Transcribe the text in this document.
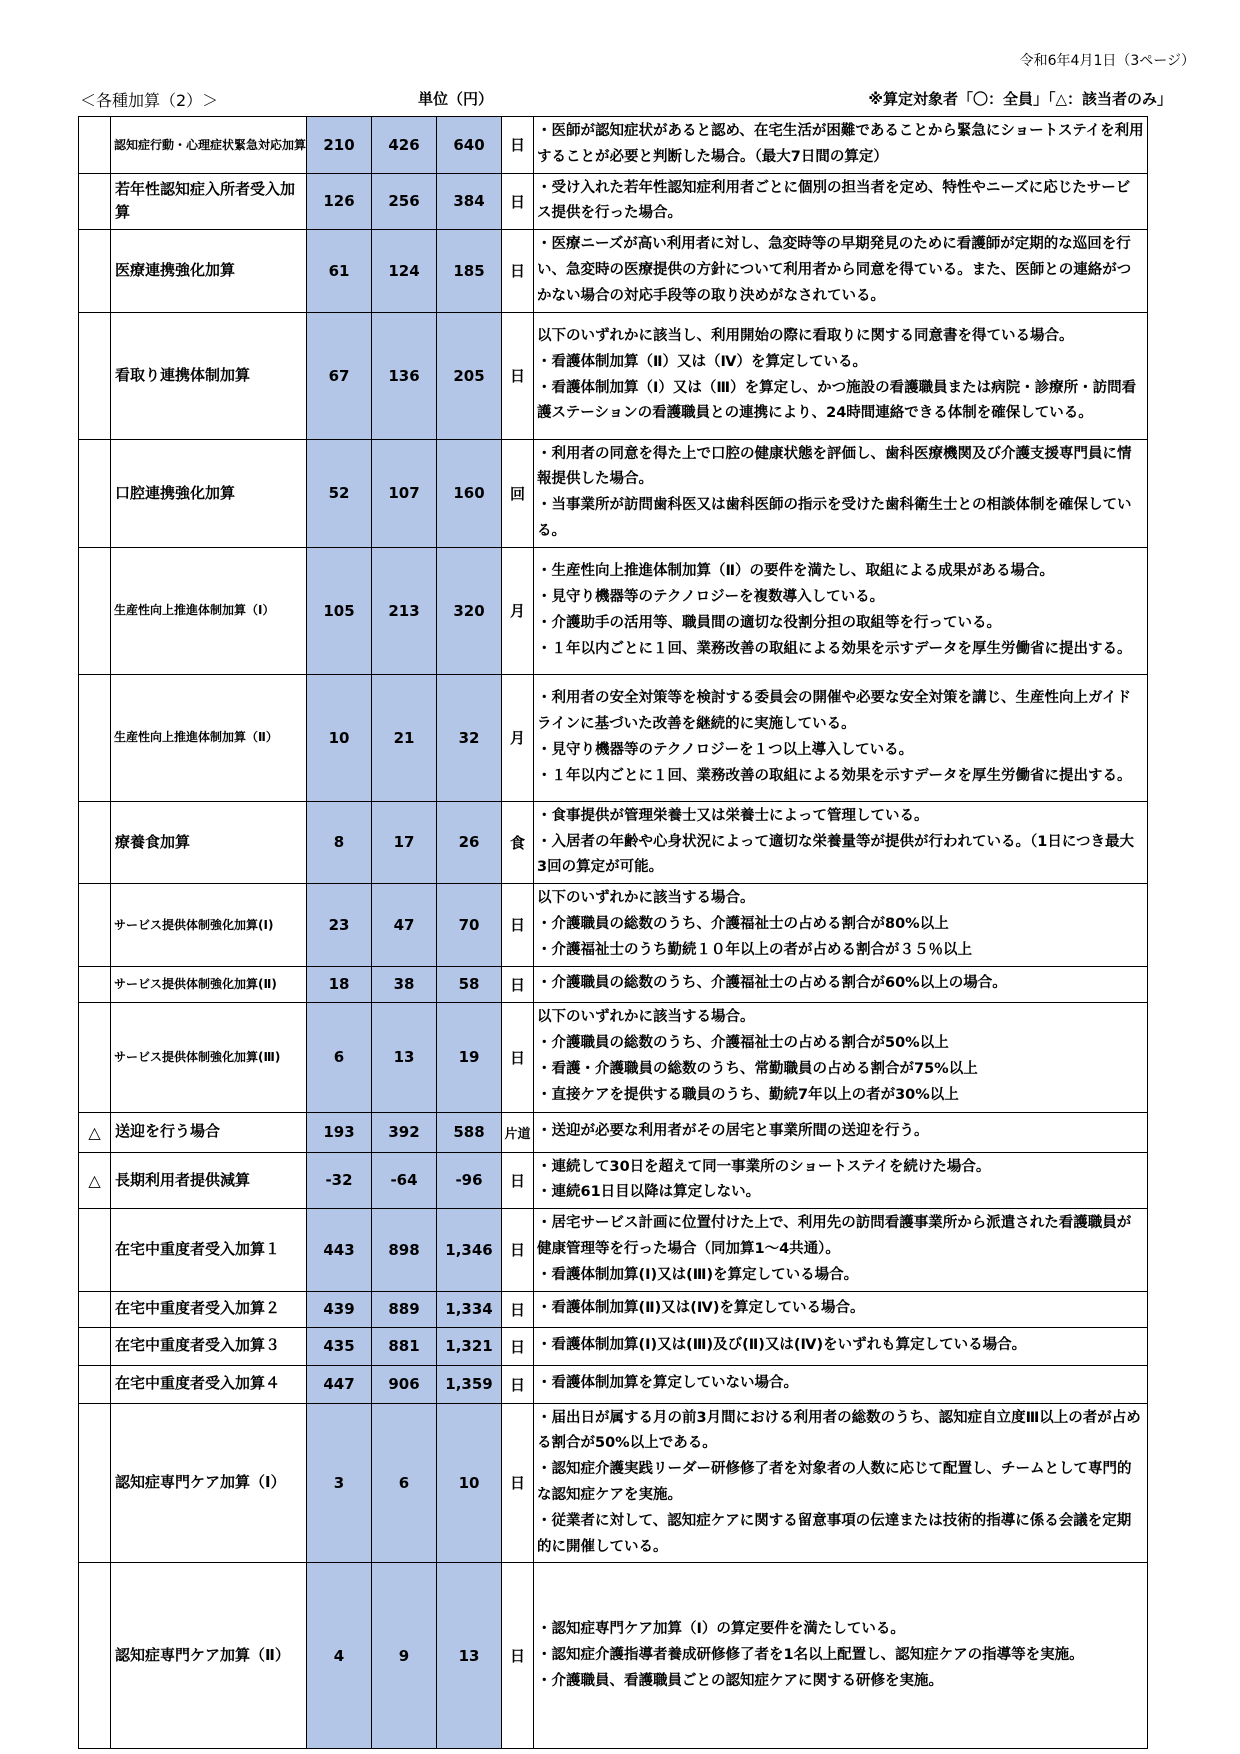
令和6年4月1日（3ページ）
＜各種加算（2）＞	単位（円）	※算定対象者「〇：全員」「△：該当者のみ」
	認知症行動・心理症状緊急対応加算	210	426	640	日	・医師が認知症状があると認め、在宅生活が困難であることから緊急にショートステイを利用することが必要と判断した場合。（最大7日間の算定）

	若年性認知症入所者受入加算	126	256	384	日	・受け入れた若年性認知症利用者ごとに個別の担当者を定め、特性やニーズに応じたサービス提供を行った場合。

	医療連携強化加算	61	124	185	日	・医療ニーズが高い利用者に対し、急変時等の早期発見のために看護師が定期的な巡回を行い、急変時の医療提供の方針について利用者から同意を得ている。また、医師との連絡がつかない場合の対応手段等の取り決めがなされている。

	看取り連携体制加算	67	136	205	日	以下のいずれかに該当し、利用開始の際に看取りに関する同意書を得ている場合。
・看護体制加算（Ⅱ）又は（Ⅳ）を算定している。
・看護体制加算（Ⅰ）又は（Ⅲ）を算定し、かつ施設の看護職員または病院・診療所・訪問看護ステーションの看護職員との連携により、24時間連絡できる体制を確保している。

	口腔連携強化加算	52	107	160	回	・利用者の同意を得た上で口腔の健康状態を評価し、歯科医療機関及び介護支援専門員に情報提供した場合。
・当事業所が訪問歯科医又は歯科医師の指示を受けた歯科衛生士との相談体制を確保している。

	生産性向上推進体制加算（Ⅰ）	105	213	320	月	・生産性向上推進体制加算（Ⅱ）の要件を満たし、取組による成果がある場合。
・見守り機器等のテクノロジーを複数導入している。
・介護助手の活用等、職員間の適切な役割分担の取組等を行っている。
・１年以内ごとに１回、業務改善の取組による効果を示すデータを厚生労働省に提出する。

	生産性向上推進体制加算（Ⅱ）	10	21	32	月	・利用者の安全対策等を検討する委員会の開催や必要な安全対策を講じ、生産性向上ガイドラインに基づいた改善を継続的に実施している。
・見守り機器等のテクノロジーを１つ以上導入している。
・１年以内ごとに１回、業務改善の取組による効果を示すデータを厚生労働省に提出する。

	療養食加算	8	17	26	食	・食事提供が管理栄養士又は栄養士によって管理している。
・入居者の年齢や心身状況によって適切な栄養量等が提供が行われている。（1日につき最大3回の算定が可能。

	サービス提供体制強化加算(Ⅰ)	23	47	70	日	以下のいずれかに該当する場合。
・介護職員の総数のうち、介護福祉士の占める割合が80%以上
・介護福祉士のうち勤続１０年以上の者が占める割合が３５％以上

	サービス提供体制強化加算(Ⅱ)	18	38	58	日	・介護職員の総数のうち、介護福祉士の占める割合が60%以上の場合。

	サービス提供体制強化加算(Ⅲ)	6	13	19	日	以下のいずれかに該当する場合。
・介護職員の総数のうち、介護福祉士の占める割合が50%以上
・看護・介護職員の総数のうち、常勤職員の占める割合が75%以上
・直接ケアを提供する職員のうち、勤続7年以上の者が30%以上

△	送迎を行う場合	193	392	588	片道	・送迎が必要な利用者がその居宅と事業所間の送迎を行う。

△	長期利用者提供減算	-32	-64	-96	日	・連続して30日を超えて同一事業所のショートステイを続けた場合。
・連続61日目以降は算定しない。

	在宅中重度者受入加算１	443	898	1,346	日	・居宅サービス計画に位置付けた上で、利用先の訪問看護事業所から派遣された看護職員が健康管理等を行った場合（同加算1～4共通）。
・看護体制加算(Ⅰ)又は(Ⅲ)を算定している場合。

	在宅中重度者受入加算２	439	889	1,334	日	・看護体制加算(Ⅱ)又は(Ⅳ)を算定している場合。

	在宅中重度者受入加算３	435	881	1,321	日	・看護体制加算(Ⅰ)又は(Ⅲ)及び(Ⅱ)又は(Ⅳ)をいずれも算定している場合。

	在宅中重度者受入加算４	447	906	1,359	日	・看護体制加算を算定していない場合。

	認知症専門ケア加算（Ⅰ）	3	6	10	日	・届出日が属する月の前3月間における利用者の総数のうち、認知症自立度Ⅲ以上の者が占める割合が50%以上である。
・認知症介護実践リーダー研修修了者を対象者の人数に応じて配置し、チームとして専門的な認知症ケアを実施。
・従業者に対して、認知症ケアに関する留意事項の伝達または技術的指導に係る会議を定期的に開催している。

	認知症専門ケア加算（Ⅱ）	4	9	13	日	・認知症専門ケア加算（Ⅰ）の算定要件を満たしている。
・認知症介護指導者養成研修修了者を1名以上配置し、認知症ケアの指導等を実施。
・介護職員、看護職員ごとの認知症ケアに関する研修を実施。
